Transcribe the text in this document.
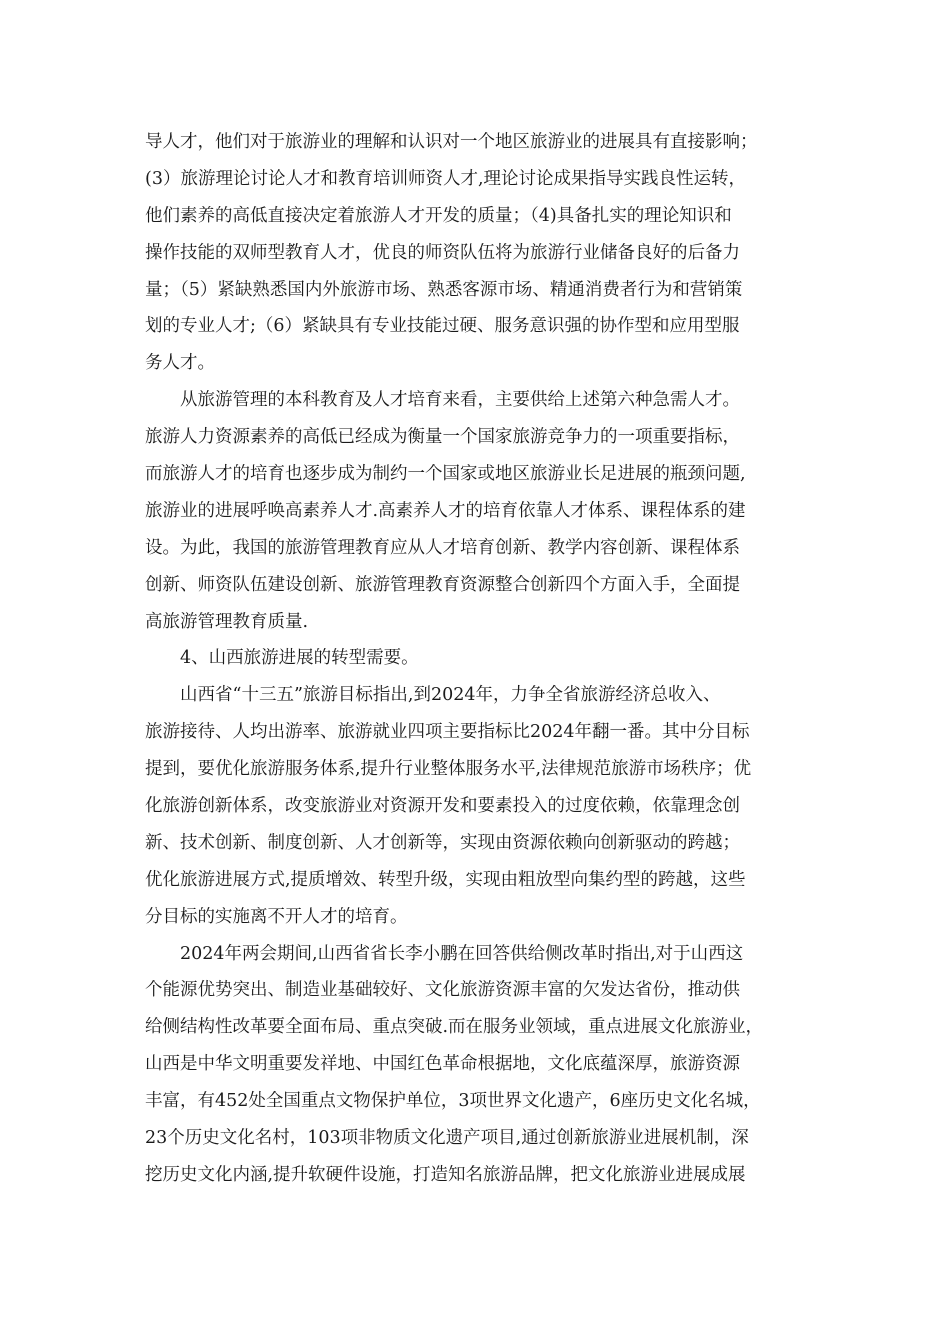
导人才，他们对于旅游业的理解和认识对一个地区旅游业的进展具有直接影响；
(3）旅游理论讨论人才和教育培训师资人才,理论讨论成果指导实践良性运转，
他们素养的高低直接决定着旅游人才开发的质量；（4)具备扎实的理论知识和
操作技能的双师型教育人才，优良的师资队伍将为旅游行业储备良好的后备力
量；（5）紧缺熟悉国内外旅游市场、熟悉客源市场、精通消费者行为和营销策
划的专业人才;（6）紧缺具有专业技能过硬、服务意识强的协作型和应用型服
务人才。
从旅游管理的本科教育及人才培育来看，主要供给上述第六种急需人才。
旅游人力资源素养的高低已经成为衡量一个国家旅游竞争力的一项重要指标，
而旅游人才的培育也逐步成为制约一个国家或地区旅游业长足进展的瓶颈问题,
旅游业的进展呼唤高素养人才.高素养人才的培育依靠人才体系、课程体系的建
设。为此，我国的旅游管理教育应从人才培育创新、教学内容创新、课程体系
创新、师资队伍建设创新、旅游管理教育资源整合创新四个方面入手，全面提
高旅游管理教育质量.
4、山西旅游进展的转型需要。
山西省“十三五”旅游目标指出,到2024年，力争全省旅游经济总收入、
旅游接待、人均出游率、旅游就业四项主要指标比2024年翻一番。其中分目标
提到，要优化旅游服务体系,提升行业整体服务水平,法律规范旅游市场秩序；优
化旅游创新体系，改变旅游业对资源开发和要素投入的过度依赖，依靠理念创
新、技术创新、制度创新、人才创新等，实现由资源依赖向创新驱动的跨越；
优化旅游进展方式,提质增效、转型升级，实现由粗放型向集约型的跨越，这些
分目标的实施离不开人才的培育。
2024年两会期间,山西省省长李小鹏在回答供给侧改革时指出,对于山西这
个能源优势突出、制造业基础较好、文化旅游资源丰富的欠发达省份，推动供
给侧结构性改革要全面布局、重点突破.而在服务业领域，重点进展文化旅游业，
山西是中华文明重要发祥地、中国红色革命根据地，文化底蕴深厚，旅游资源
丰富，有452处全国重点文物保护单位，3项世界文化遗产，6座历史文化名城，
23个历史文化名村，103项非物质文化遗产项目,通过创新旅游业进展机制，深
挖历史文化内涵,提升软硬件设施，打造知名旅游品牌，把文化旅游业进展成展
